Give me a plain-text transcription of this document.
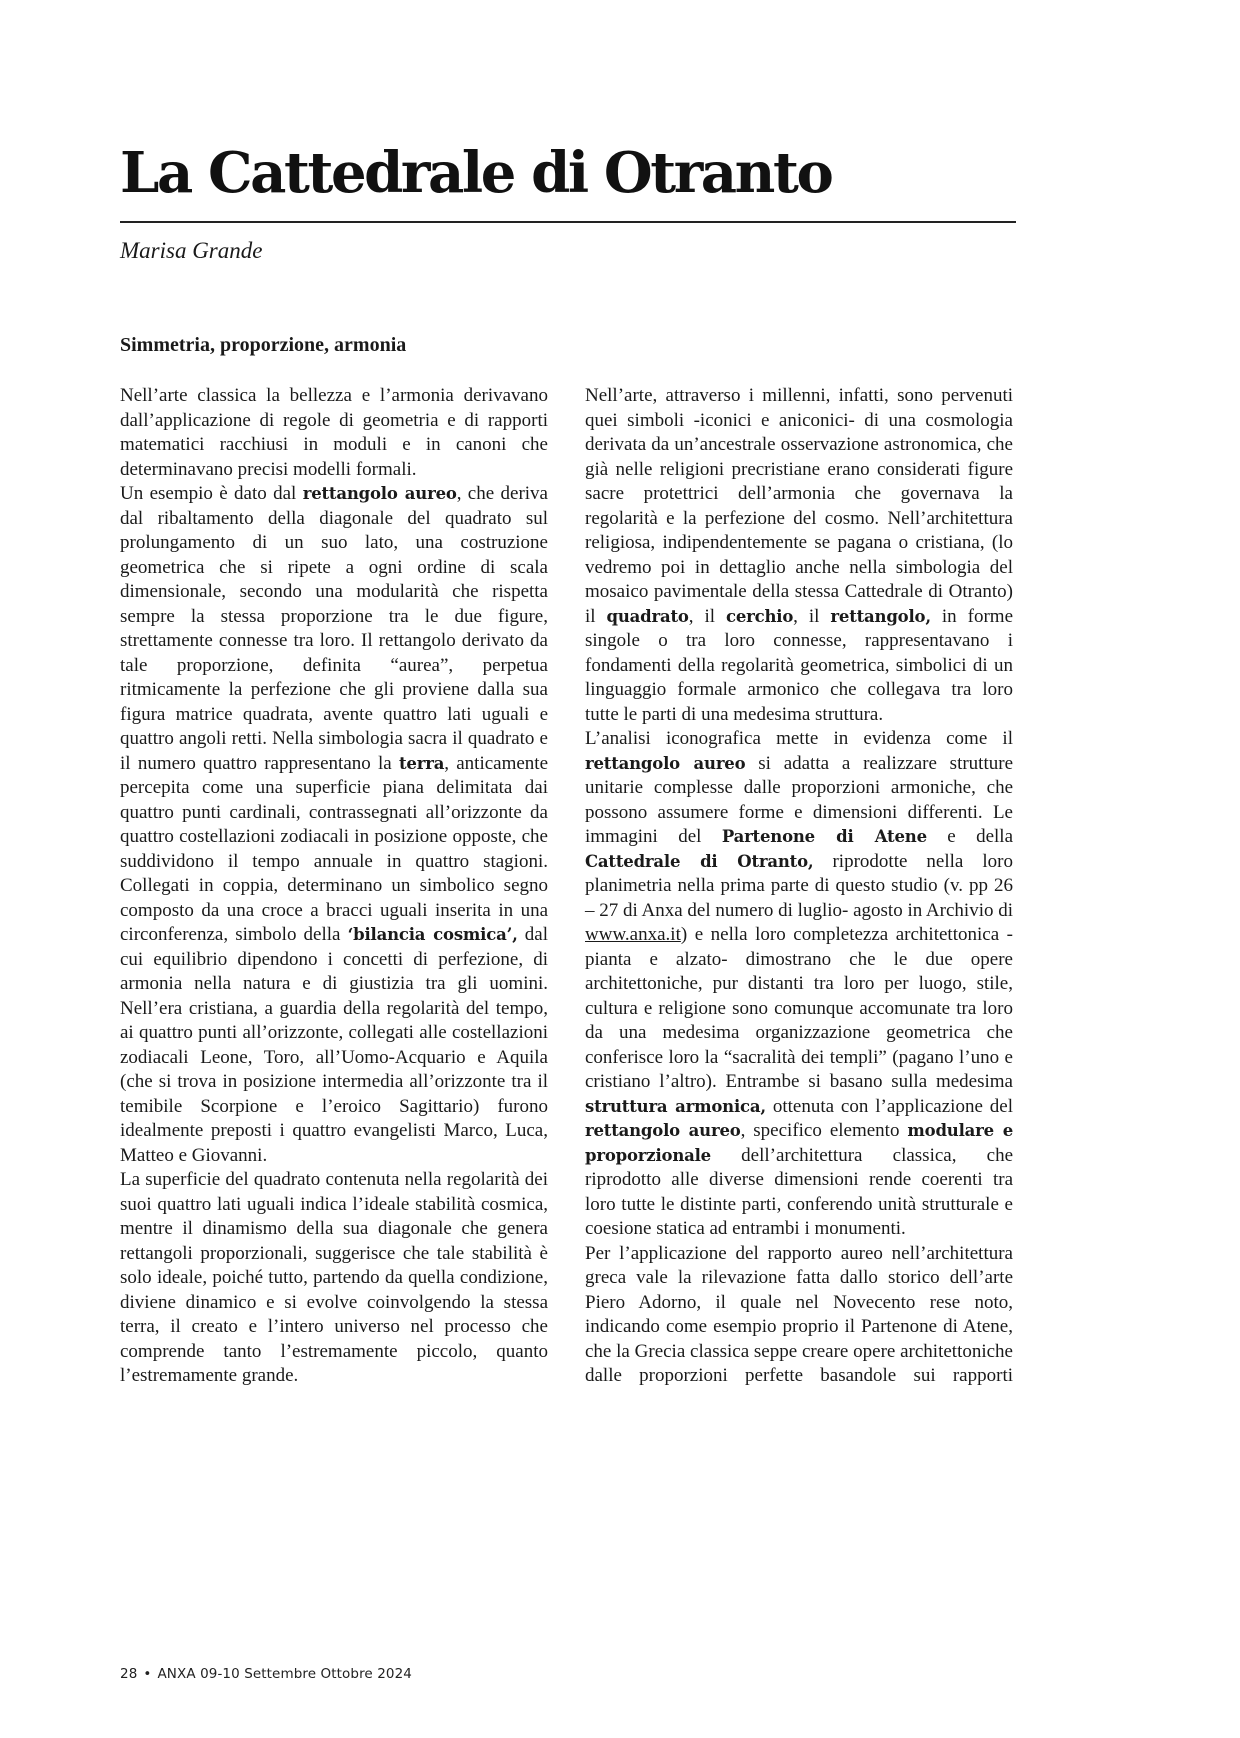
La Cattedrale di Otranto
Marisa Grande
Simmetria, proporzione, armonia

Nell’arte classica la bellezza e l’armonia derivavano dall’applicazione di regole di geometria e di rapporti matematici racchiusi in moduli e in canoni che determinavano precisi modelli formali.

Un esempio è dato dal rettangolo aureo, che deriva dal ribaltamento della diagonale del quadrato sul prolungamento di un suo lato, una costruzione geometrica che si ripete a ogni ordine di scala dimensionale, secondo una modularità che rispetta sempre la stessa proporzione tra le due figure, strettamente connesse tra loro. Il rettangolo derivato da tale proporzione, definita “aurea”, perpetua ritmicamente la perfezione che gli proviene dalla sua figura matrice quadrata, avente quattro lati uguali e quattro angoli retti. Nella simbologia sacra il quadrato e il numero quattro rappresentano la terra, anticamente percepita come una superficie piana delimitata dai quattro punti cardinali, contrassegnati all’orizzonte da quattro costellazioni zodiacali in posizione opposte, che suddividono il tempo annuale in quattro stagioni. Collegati in coppia, determinano un simbolico segno composto da una croce a bracci uguali inserita in una circonferenza, simbolo della ‘bilancia cosmica’, dal cui equilibrio dipendono i concetti di perfezione, di armonia nella natura e di giustizia tra gli uomini. Nell’era cristiana, a guardia della regolarità del tempo, ai quattro punti all’orizzonte, collegati alle costellazioni zodiacali Leone, Toro, all’Uomo-Acquario e Aquila (che si trova in posizione intermedia all’orizzonte tra il temibile Scorpione e l’eroico Sagittario) furono idealmente preposti i quattro evangelisti Marco, Luca, Matteo e Giovanni.

La superficie del quadrato contenuta nella regolarità dei suoi quattro lati uguali indica l’ideale stabilità cosmica, mentre il dinamismo della sua diagonale che genera rettangoli proporzionali, suggerisce che tale stabilità è solo ideale, poiché tutto, partendo da quella condizione, diviene dinamico e si evolve coinvolgendo la stessa terra, il creato e l’intero universo nel processo che comprende tanto l’estremamente piccolo, quanto l’estremamente grande.

Nell’arte, attraverso i millenni, infatti, sono pervenuti quei simboli -iconici e aniconici- di una cosmologia derivata da un’ancestrale osservazione astronomica, che già nelle religioni precristiane erano considerati figure sacre protettrici dell’armonia che governava la regolarità e la perfezione del cosmo. Nell’architettura religiosa, indipendentemente se pagana o cristiana, (lo vedremo poi in dettaglio anche nella simbologia del mosaico pavimentale della stessa Cattedrale di Otranto) il quadrato, il cerchio, il rettangolo, in forme singole o tra loro connesse, rappresentavano i fondamenti della regolarità geometrica, simbolici di un linguaggio formale armonico che collegava tra loro tutte le parti di una medesima struttura.

L’analisi iconografica mette in evidenza come il rettangolo aureo si adatta a realizzare strutture unitarie complesse dalle proporzioni armoniche, che possono assumere forme e dimensioni differenti. Le immagini del Partenone di Atene e della Cattedrale di Otranto, riprodotte nella loro planimetria nella prima parte di questo studio (v. pp 26 – 27 di Anxa del numero di luglio- agosto in Archivio di www.anxa.it) e nella loro completezza architettonica -pianta e alzato- dimostrano che le due opere architettoniche, pur distanti tra loro per luogo, stile, cultura e religione sono comunque accomunate tra loro da una medesima organizzazione geometrica che conferisce loro la “sacralità dei templi” (pagano l’uno e cristiano l’altro). Entrambe si basano sulla medesima struttura armonica, ottenuta con l’applicazione del rettangolo aureo, specifico elemento modulare e proporzionale dell’architettura classica, che riprodotto alle diverse dimensioni rende coerenti tra loro tutte le distinte parti, conferendo unità strutturale e coesione statica ad entrambi i monumenti.

Per l’applicazione del rapporto aureo nell’architettura greca vale la rilevazione fatta dallo storico dell’arte Piero Adorno, il quale nel Novecento rese noto, indicando come esempio proprio il Partenone di Atene, che la Grecia classica seppe creare opere architettoniche dalle proporzioni perfette basandole sui rapporti

28 • ANXA 09-10 Settembre Ottobre 2024
